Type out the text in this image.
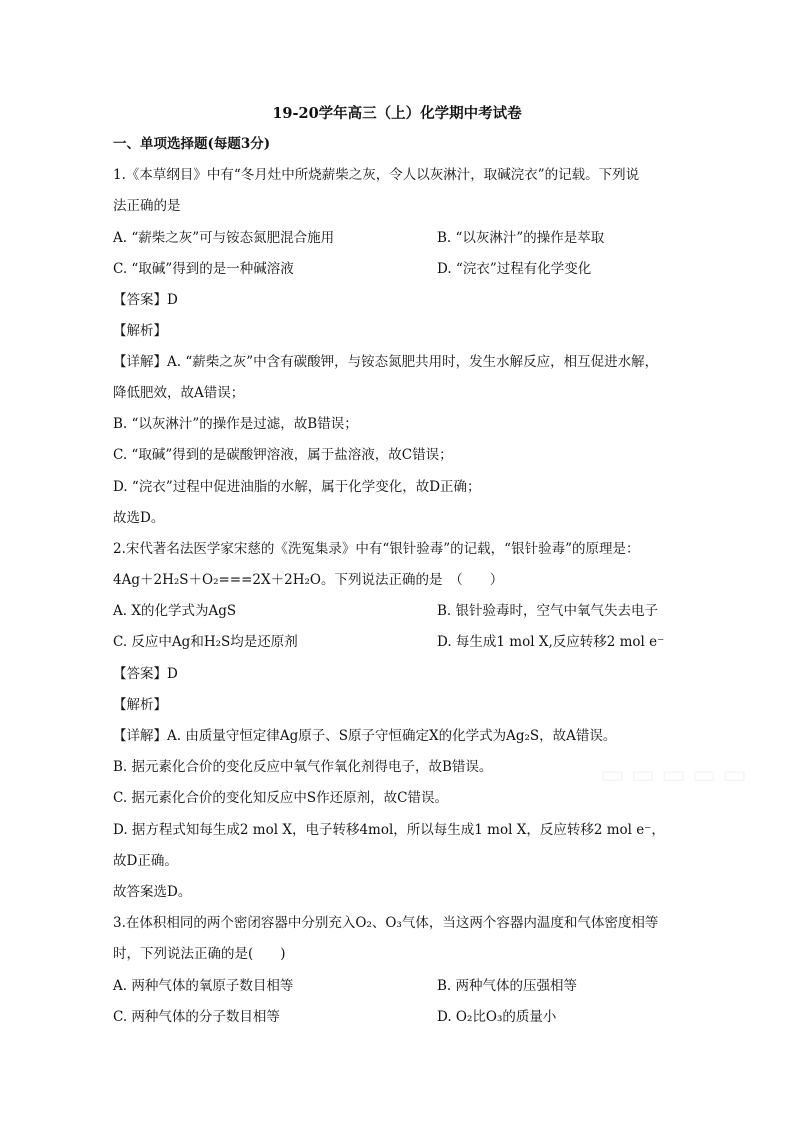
19-20学年高三（上）化学期中考试卷
一、单项选择题(每题3分)
1.《本草纲目》中有“冬月灶中所烧薪柴之灰，令人以灰淋汁，取碱浣衣”的记载。下列说
法正确的是
A. “薪柴之灰”可与铵态氮肥混合施用	B. “以灰淋汁”的操作是萃取
C. “取碱”得到的是一种碱溶液	D. “浣衣”过程有化学变化
【答案】D
【解析】
【详解】A. “薪柴之灰”中含有碳酸钾，与铵态氮肥共用时，发生水解反应，相互促进水解，
降低肥效，故A错误；
B. “以灰淋汁”的操作是过滤，故B错误；
C. “取碱”得到的是碳酸钾溶液，属于盐溶液，故C错误；
D. “浣衣”过程中促进油脂的水解，属于化学变化，故D正确；
故选D。
2.宋代著名法医学家宋慈的《洗冤集录》中有“银针验毒”的记载，“银针验毒”的原理是：
4Ag＋2H₂S＋O₂===2X＋2H₂O。下列说法正确的是　（　　）
A. X的化学式为AgS	B. 银针验毒时，空气中氧气失去电子
C. 反应中Ag和H₂S均是还原剂	D. 每生成1 mol X,反应转移2 mol e⁻
【答案】D
【解析】
【详解】A. 由质量守恒定律Ag原子、S原子守恒确定X的化学式为Ag₂S，故A错误。
B. 据元素化合价的变化反应中氧气作氧化剂得电子，故B错误。
C. 据元素化合价的变化知反应中S作还原剂，故C错误。
D. 据方程式知每生成2 mol X，电子转移4mol，所以每生成1 mol X，反应转移2 mol e⁻，
故D正确。
故答案选D。
3.在体积相同的两个密闭容器中分别充入O₂、O₃气体，当这两个容器内温度和气体密度相等
时，下列说法正确的是(　　)
A. 两种气体的氧原子数目相等	B. 两种气体的压强相等
C. 两种气体的分子数目相等	D. O₂比O₃的质量小
